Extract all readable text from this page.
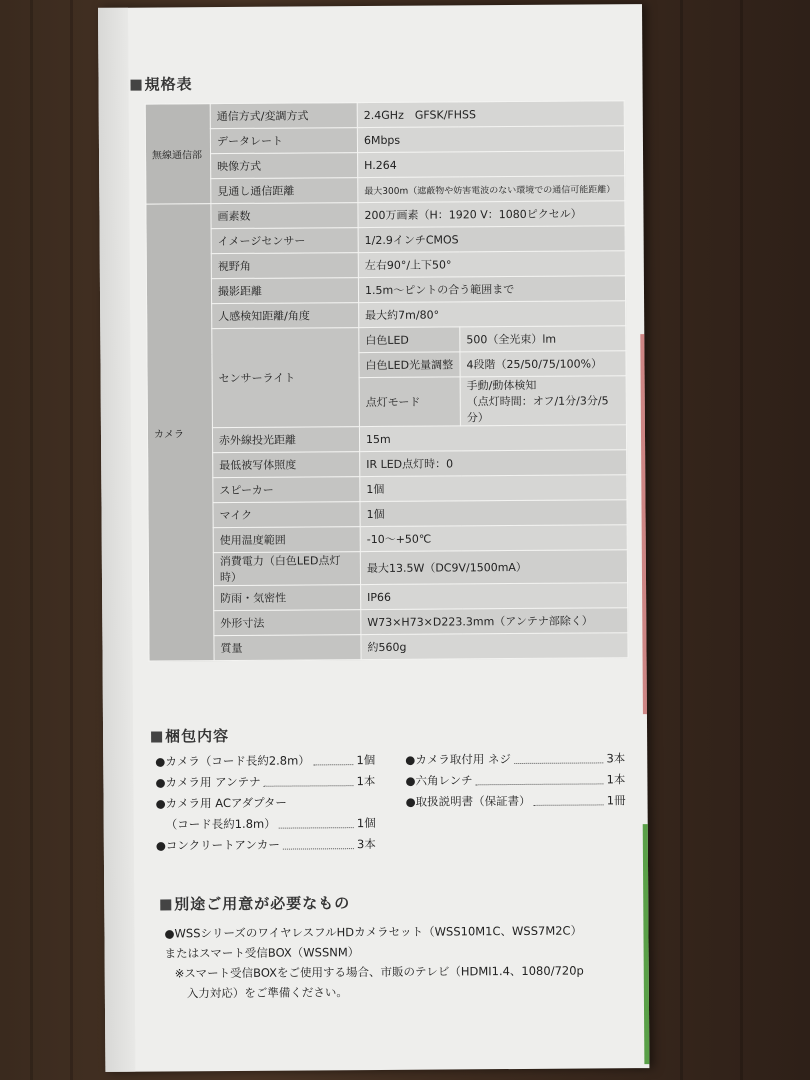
規格表
無線通信部	通信方式/変調方式	2.4GHz　GFSK/FHSS	
	データレート	6Mbps	
	映像方式	H.264	
	見通し通信距離	最大300m（遮蔽物や妨害電波のない環境での通信可能距離）	
カメラ	画素数	200万画素（H：1920 V：1080ピクセル）	
	イメージセンサー	1/2.9インチCMOS	
	視野角	左右90°/上下50°	
	撮影距離	1.5m〜ピントの合う範囲まで	
	人感検知距離/角度	最大約7m/80°	
	センサーライト	白色LED	500（全光束）lm
		白色LED光量調整	4段階（25/50/75/100%）
		点灯モード	手動/動体検知
（点灯時間：オフ/1分/3分/5分）

	赤外線投光距離	15m	
	最低被写体照度	IR LED点灯時：0	
	スピーカー	1個	
	マイク	1個	
	使用温度範囲	-10〜+50℃	
	消費電力（白色LED点灯時）	最大13.5W（DC9V/1500mA）	
	防雨・気密性	IP66	
	外形寸法	W73×H73×D223.3mm（アンテナ部除く）	
	質量	約560g	
梱包内容
●カメラ（コード長約2.8m）	1個
●カメラ用 アンテナ	1本
●カメラ用 ACアダプター
（コード長約1.8m）	1個
●コンクリートアンカー	3本
●カメラ取付用 ネジ	3本
●六角レンチ	1本
●取扱説明書（保証書）	1冊
別途ご用意が必要なもの
●WSSシリーズのワイヤレスフルHDカメラセット（WSS10M1C、WSS7M2C）
またはスマート受信BOX（WSSNM）
※スマート受信BOXをご使用する場合、市販のテレビ（HDMI1.4、1080/720p
入力対応）をご準備ください。
